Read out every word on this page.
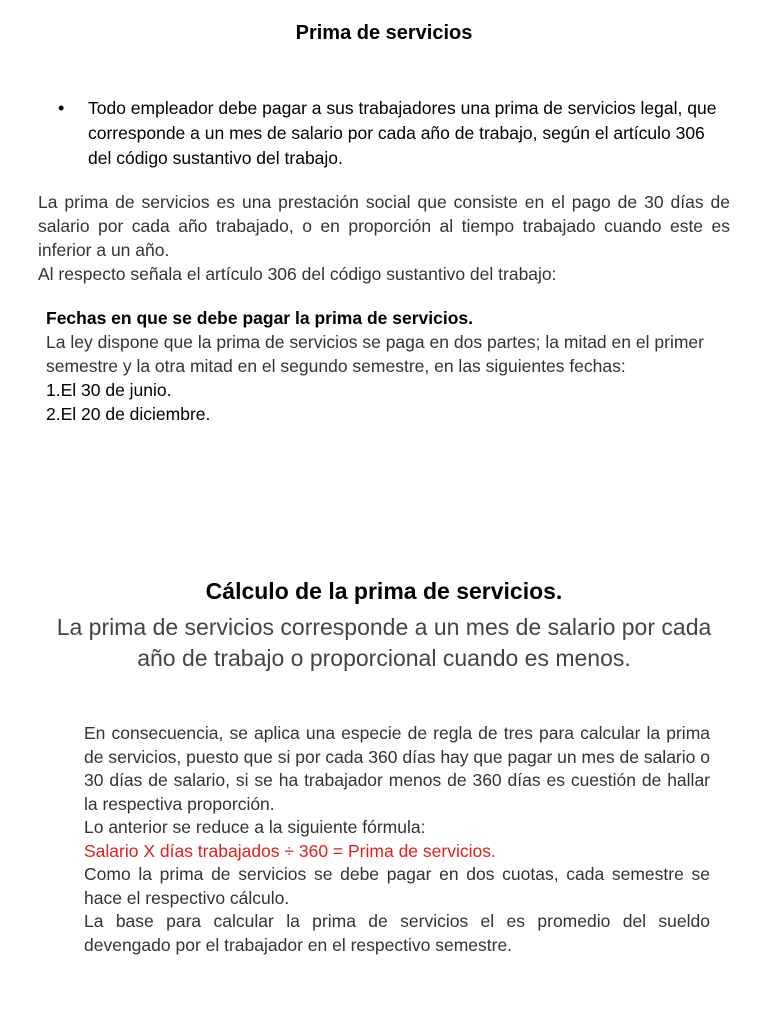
Prima de servicios
•	Todo empleador debe pagar a sus trabajadores una prima de servicios legal, que corresponde a un mes de salario por cada año de trabajo, según el artículo 306 del código sustantivo del trabajo.

La prima de servicios es una prestación social que consiste en el pago de 30 días de salario por cada año trabajado, o en proporción al tiempo trabajado cuando este es inferior a un año.

Al respecto señala el artículo 306 del código sustantivo del trabajo:

Fechas en que se debe pagar la prima de servicios.

La ley dispone que la prima de servicios se paga en dos partes; la mitad en el primer semestre y la otra mitad en el segundo semestre, en las siguientes fechas:

1.El 30 de junio.

2.El 20 de diciembre.

Cálculo de la prima de servicios.
La prima de servicios corresponde a un mes de salario por cada año de trabajo o proporcional cuando es menos.

En consecuencia, se aplica una especie de regla de tres para calcular la prima de servicios, puesto que si por cada 360 días hay que pagar un mes de salario o 30 días de salario, si se ha trabajador menos de 360 días es cuestión de hallar la respectiva proporción.

Lo anterior se reduce a la siguiente fórmula:

Salario X días trabajados ÷ 360 = Prima de servicios.

Como la prima de servicios se debe pagar en dos cuotas, cada semestre se hace el respectivo cálculo.

La base para calcular la prima de servicios el es promedio del sueldo devengado por el trabajador en el respectivo semestre.
